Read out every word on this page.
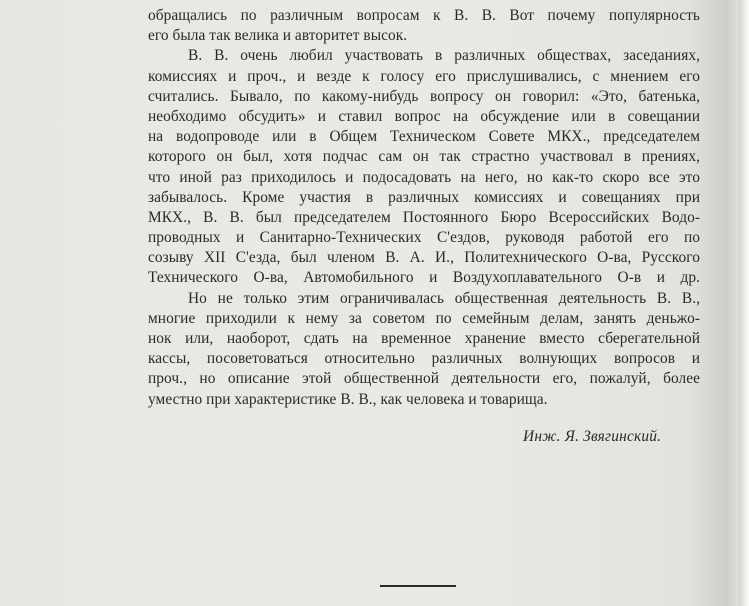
обращались по различным вопросам к В. В. Вот почему популярность
его была так велика и авторитет высок.
В. В. очень любил участвовать в различных обществах, заседаниях,
комиссиях и проч., и везде к голосу его прислушивались, с мнением его
считались. Бывало, по какому-нибудь вопросу он говорил: «Это, батенька,
необходимо обсудить» и ставил вопрос на обсуждение или в совещании
на водопроводе или в Общем Техническом Совете МКХ., председателем
которого он был, хотя подчас сам он так страстно участвовал в прениях,
что иной раз приходилось и подосадовать на него, но как-то скоро все это
забывалось. Кроме участия в различных комиссиях и совещаниях при
МКХ., В. В. был председателем Постоянного Бюро Всероссийских Водо-
проводных и Санитарно-Технических С'ездов, руководя работой его по
созыву XII С'езда, был членом В. А. И., Политехнического О-ва, Русского
Технического О-ва, Автомобильного и Воздухоплавательного О-в и др.
Но не только этим ограничивалась общественная деятельность В. В.,
многие приходили к нему за советом по семейным делам, занять деньжо-
нок или, наоборот, сдать на временное хранение вместо сберегательной
кассы, посоветоваться относительно различных волнующих вопросов и
проч., но описание этой общественной деятельности его, пожалуй, более
уместно при характеристике В. В., как человека и товарища.
Инж. Я. Звягинский.
